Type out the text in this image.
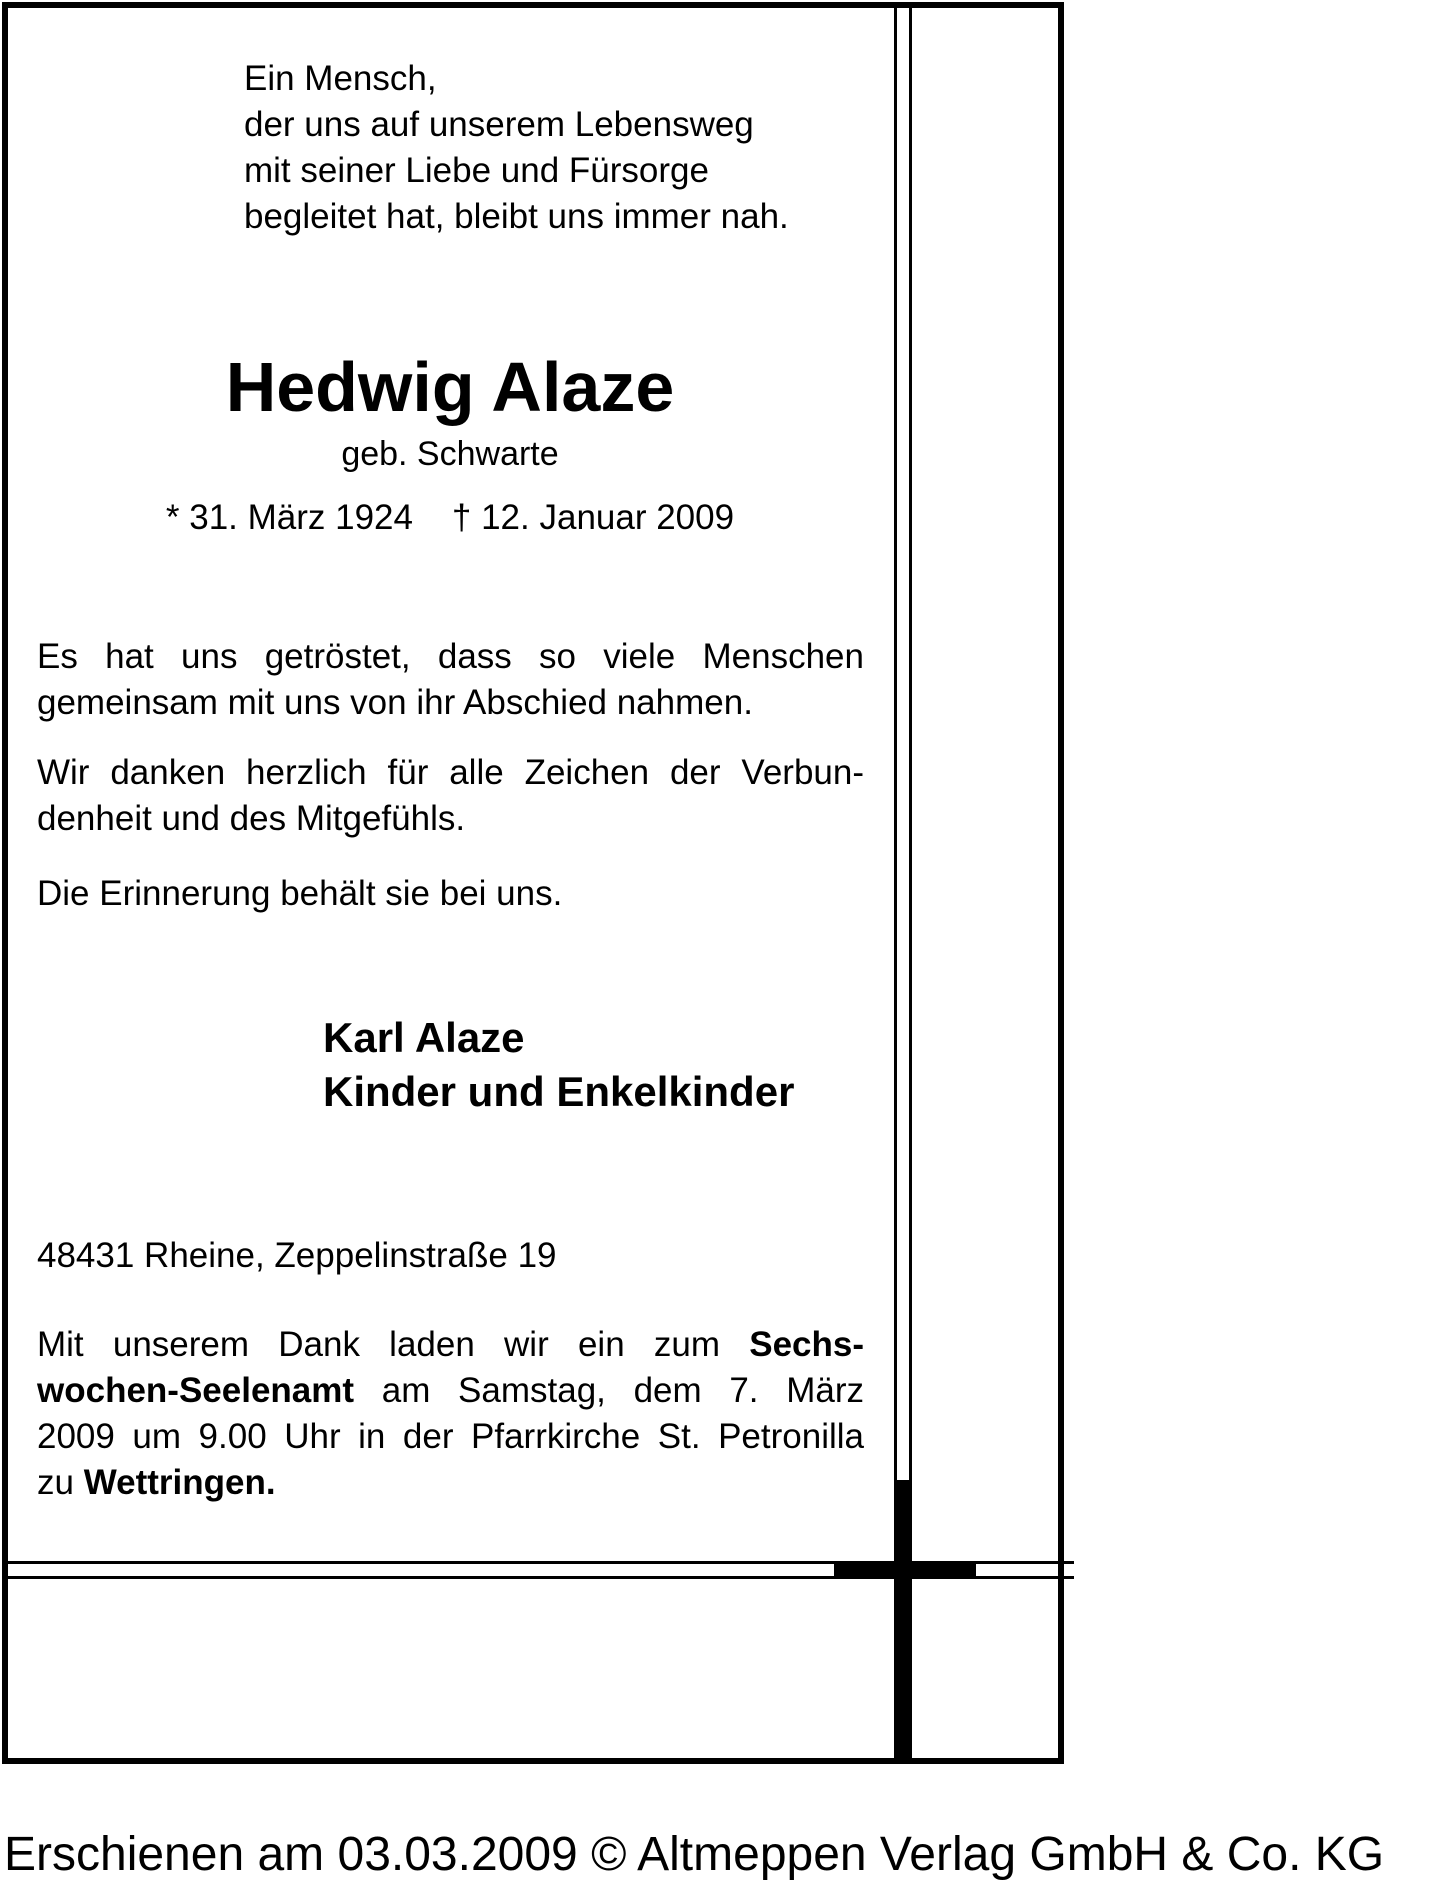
Ein Mensch,
der uns auf unserem Lebensweg
mit seiner Liebe und Fürsorge
begleitet hat, bleibt uns immer nah.
Hedwig Alaze
geb. Schwarte
* 31. März 1924 † 12. Januar 2009
Es hat uns getröstet, dass so viele Menschen
gemeinsam mit uns von ihr Abschied nahmen.
Wir danken herzlich für alle Zeichen der Verbun-
denheit und des Mitgefühls.
Die Erinnerung behält sie bei uns.
Karl Alaze
Kinder und Enkelkinder
48431 Rheine, Zeppelinstraße 19
Mit unserem Dank laden wir ein zum Sechs-
wochen-Seelenamt am Samstag, dem 7. März
2009 um 9.00 Uhr in der Pfarrkirche St. Petronilla
zu Wettringen.
Erschienen am 03.03.2009 © Altmeppen Verlag GmbH & Co. KG
